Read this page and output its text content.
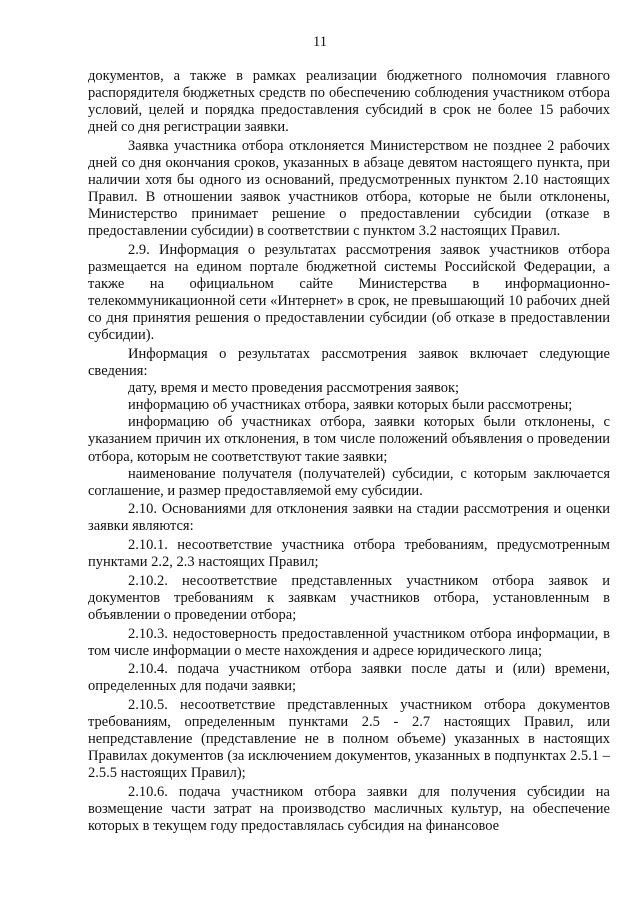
11

документов, а также в рамках реализации бюджетного полномочия главного распорядителя бюджетных средств по обеспечению соблюдения участником отбора условий, целей и порядка предоставления субсидий в срок не более 15 рабочих дней со дня регистрации заявки.

Заявка участника отбора отклоняется Министерством не позднее 2 рабочих дней со дня окончания сроков, указанных в абзаце девятом настоящего пункта, при наличии хотя бы одного из оснований, предусмотренных пунктом 2.10 настоящих Правил. В отношении заявок участников отбора, которые не были отклонены, Министерство принимает решение о предоставлении субсидии (отказе в предоставлении субсидии) в соответствии с пунктом 3.2 настоящих Правил.

2.9. Информация о результатах рассмотрения заявок участников отбора размещается на едином портале бюджетной системы Российской Федерации, а также на официальном сайте Министерства в информационно-телекоммуникационной сети «Интернет» в срок, не превышающий 10 рабочих дней со дня принятия решения о предоставлении субсидии (об отказе в предоставлении субсидии).

Информация о результатах рассмотрения заявок включает следующие сведения:

дату, время и место проведения рассмотрения заявок;

информацию об участниках отбора, заявки которых были рассмотрены;

информацию об участниках отбора, заявки которых были отклонены, с указанием причин их отклонения, в том числе положений объявления о проведении отбора, которым не соответствуют такие заявки;

наименование получателя (получателей) субсидии, с которым заключается соглашение, и размер предоставляемой ему субсидии.

2.10. Основаниями для отклонения заявки на стадии рассмотрения и оценки заявки являются:

2.10.1. несоответствие участника отбора требованиям, предусмотренным пунктами 2.2, 2.3 настоящих Правил;

2.10.2. несоответствие представленных участником отбора заявок и документов требованиям к заявкам участников отбора, установленным в объявлении о проведении отбора;

2.10.3. недостоверность предоставленной участником отбора информации, в том числе информации о месте нахождения и адресе юридического лица;

2.10.4. подача участником отбора заявки после даты и (или) времени, определенных для подачи заявки;

2.10.5. несоответствие представленных участником отбора документов требованиям, определенным пунктами 2.5 - 2.7 настоящих Правил, или непредставление (представление не в полном объеме) указанных в настоящих Правилах документов (за исключением документов, указанных в подпунктах 2.5.1 – 2.5.5 настоящих Правил);

2.10.6. подача участником отбора заявки для получения субсидии на возмещение части затрат на производство масличных культур, на обеспечение которых в текущем году предоставлялась субсидия на финансовое
